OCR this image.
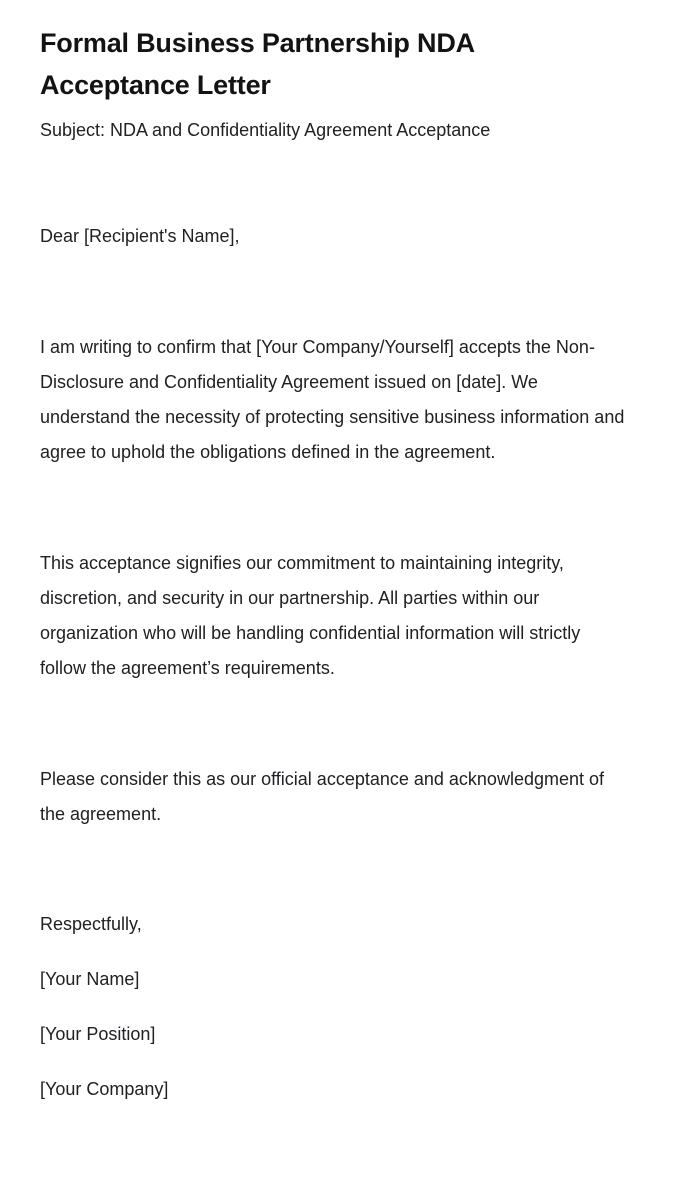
Formal Business Partnership NDA Acceptance Letter

Subject: NDA and Confidentiality Agreement Acceptance

Dear [Recipient's Name],

I am writing to confirm that [Your Company/Yourself] accepts the Non-Disclosure and Confidentiality Agreement issued on [date]. We understand the necessity of protecting sensitive business information and agree to uphold the obligations defined in the agreement.

This acceptance signifies our commitment to maintaining integrity, discretion, and security in our partnership. All parties within our organization who will be handling confidential information will strictly follow the agreement’s requirements.

Please consider this as our official acceptance and acknowledgment of the agreement.

Respectfully,

[Your Name]

[Your Position]

[Your Company]
